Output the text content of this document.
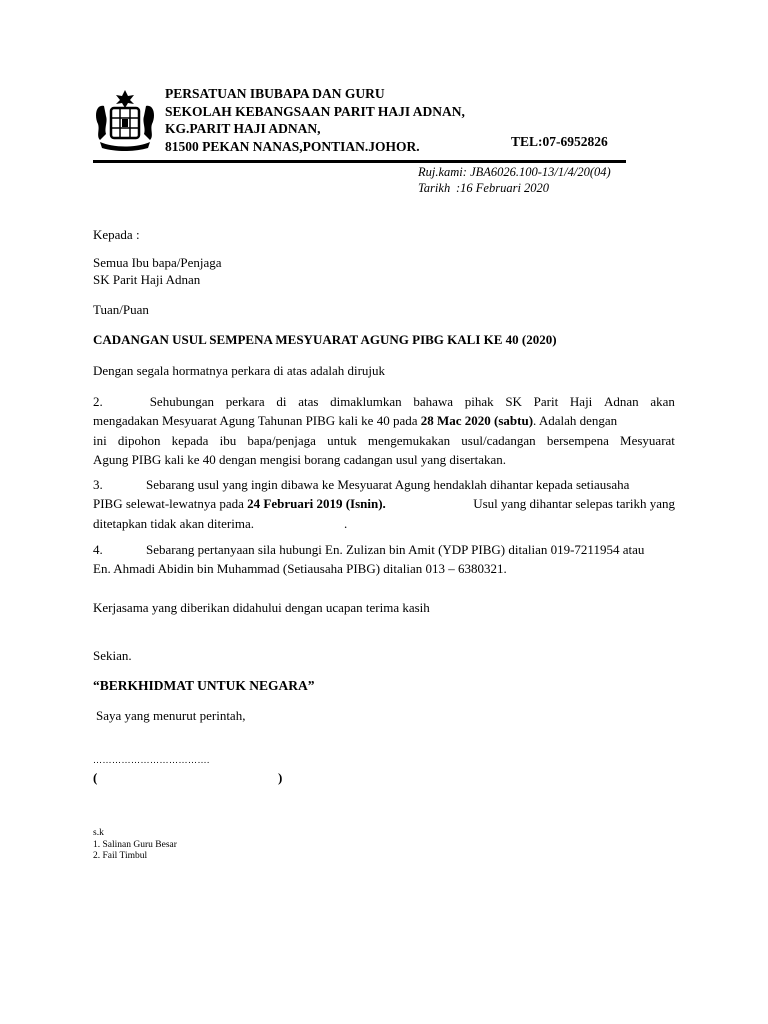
PERSATUAN IBUBAPA DAN GURU
SEKOLAH KEBANGSAAN PARIT HAJI ADNAN,
KG.PARIT HAJI ADNAN,
81500 PEKAN NANAS,PONTIAN.JOHOR.	TEL:07-6952826
Ruj.kami: JBA6026.100-13/1/4/20(04)
Tarikh :16 Februari 2020
Kepada :
Semua Ibu bapa/Penjaga
SK Parit Haji Adnan
Tuan/Puan
CADANGAN USUL SEMPENA MESYUARAT AGUNG PIBG KALI KE 40 (2020)
Dengan segala hormatnya perkara di atas adalah dirujuk
2.	Sehubungan perkara di atas dimaklumkan bahawa pihak SK Parit Haji Adnan akan
mengadakan Mesyuarat Agung Tahunan PIBG kali ke 40 pada 28 Mac 2020 (sabtu) . Adalah dengan
ini dipohon kepada ibu bapa/penjaga untuk mengemukakan usul/cadangan bersempena Mesyuarat
Agung PIBG kali ke 40 dengan mengisi borang cadangan usul yang disertakan.
3.	Sebarang usul yang ingin dibawa ke Mesyuarat Agung hendaklah dihantar kepada setiausaha
PIBG selewat-lewatnya pada 24 Februari 2019 (Isnin).	Usul yang dihantar selepas tarikh yang
ditetapkan tidak akan diterima.	.
4.	Sebarang pertanyaan sila hubungi En. Zulizan bin Amit (YDP PIBG) ditalian 019-7211954 atau
En. Ahmadi Abidin bin Muhammad (Setiausaha PIBG) ditalian 013 – 6380321.
Kerjasama yang diberikan didahului dengan ucapan terima kasih
Sekian.
“BERKHIDMAT UNTUK NEGARA”
Saya yang menurut perintah,
……………………………….
(	)
s.k
1. Salinan Guru Besar
2. Fail Timbul
